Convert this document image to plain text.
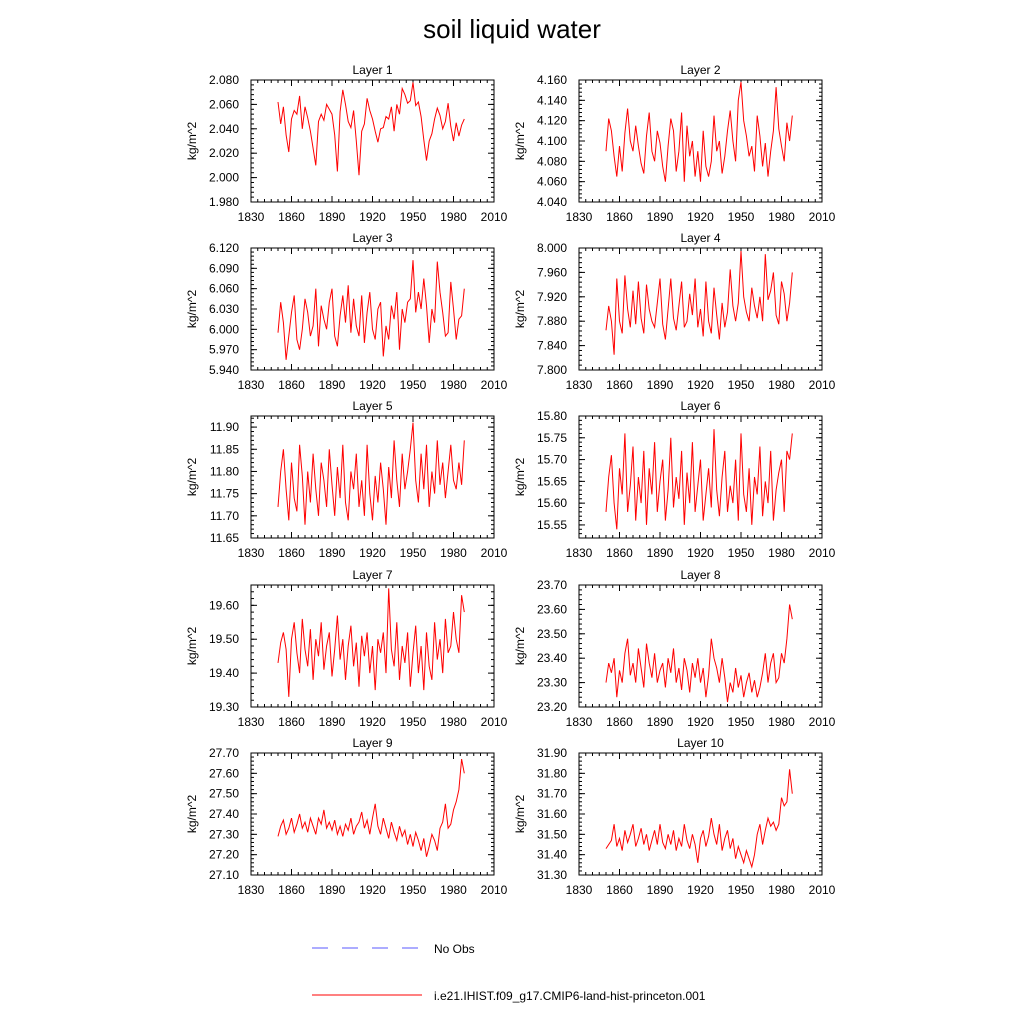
soil liquid water
Layer 1
kg/m^2
1830 1860 1890 1920 1950 1980 2010
1.980
2.000
2.020
2.040
2.060
2.080
Layer 2
kg/m^2
1830 1860 1890 1920 1950 1980 2010
4.040
4.060
4.080
4.100
4.120
4.140
4.160
Layer 3
kg/m^2
1830 1860 1890 1920 1950 1980 2010
5.940
5.970
6.000
6.030
6.060
6.090
6.120
Layer 4
kg/m^2
1830 1860 1890 1920 1950 1980 2010
7.800
7.840
7.880
7.920
7.960
8.000
Layer 5
kg/m^2
1830 1860 1890 1920 1950 1980 2010
11.65
11.70
11.75
11.80
11.85
11.90
Layer 6
kg/m^2
1830 1860 1890 1920 1950 1980 2010
15.55
15.60
15.65
15.70
15.75
15.80
Layer 7
kg/m^2
1830 1860 1890 1920 1950 1980 2010
19.30
19.40
19.50
19.60
Layer 8
kg/m^2
1830 1860 1890 1920 1950 1980 2010
23.20
23.30
23.40
23.50
23.60
23.70
Layer 9
kg/m^2
1830 1860 1890 1920 1950 1980 2010
27.10
27.20
27.30
27.40
27.50
27.60
27.70
Layer 10
kg/m^2
1830 1860 1890 1920 1950 1980 2010
31.30
31.40
31.50
31.60
31.70
31.80
31.90
No Obs
i.e21.IHIST.f09_g17.CMIP6-land-hist-princeton.001
